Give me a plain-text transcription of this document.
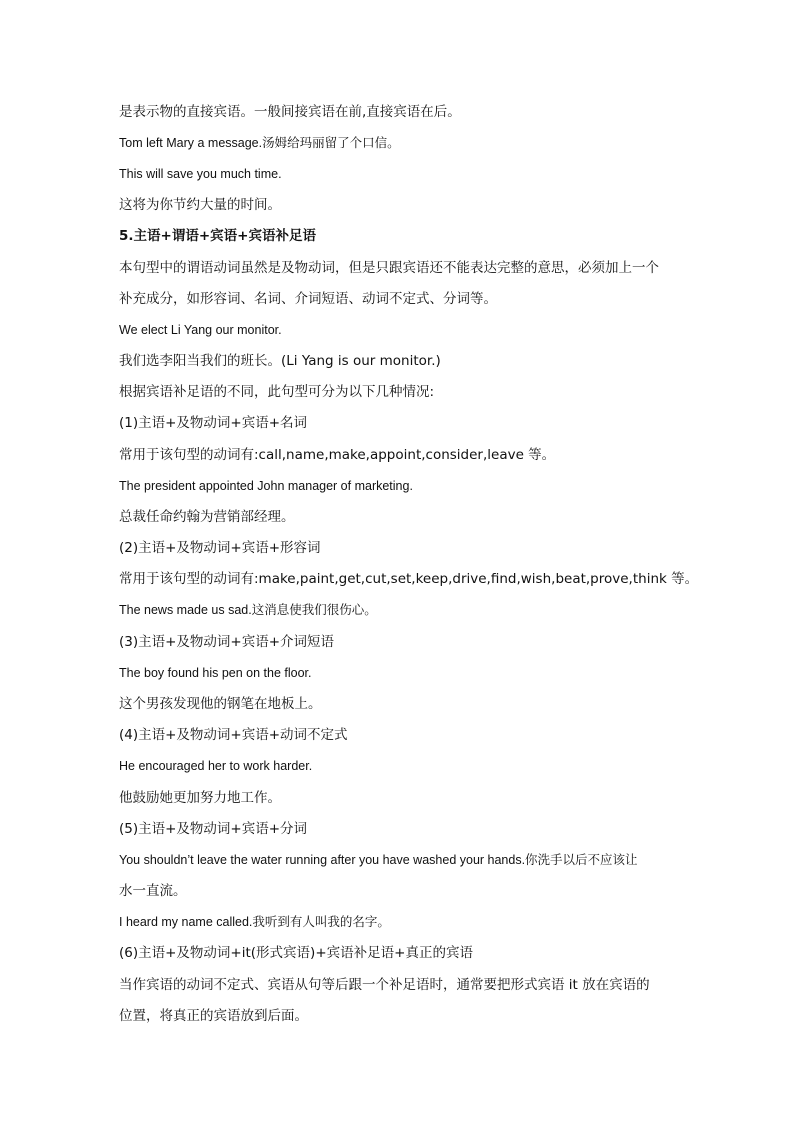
是表示物的直接宾语。一般间接宾语在前,直接宾语在后。
Tom left Mary a message.汤姆给玛丽留了个口信。
This will save you much time.
这将为你节约大量的时间。
5.主语+谓语+宾语+宾语补足语
本句型中的谓语动词虽然是及物动词，但是只跟宾语还不能表达完整的意思，必须加上一个
补充成分，如形容词、名词、介词短语、动词不定式、分词等。
We elect Li Yang our monitor.
我们选李阳当我们的班长。(Li Yang is our monitor.)
根据宾语补足语的不同，此句型可分为以下几种情况:
(1)主语+及物动词+宾语+名词
常用于该句型的动词有:call,name,make,appoint,consider,leave 等。
The president appointed John manager of marketing.
总裁任命约翰为营销部经理。
(2)主语+及物动词+宾语+形容词
常用于该句型的动词有:make,paint,get,cut,set,keep,drive,find,wish,beat,prove,think 等。
The news made us sad.这消息使我们很伤心。
(3)主语+及物动词+宾语+介词短语
The boy found his pen on the floor.
这个男孩发现他的钢笔在地板上。
(4)主语+及物动词+宾语+动词不定式
He encouraged her to work harder.
他鼓励她更加努力地工作。
(5)主语+及物动词+宾语+分词
You shouldn’t leave the water running after you have washed your hands.你洗手以后不应该让
水一直流。
I heard my name called.我听到有人叫我的名字。
(6)主语+及物动词+it(形式宾语)+宾语补足语+真正的宾语
当作宾语的动词不定式、宾语从句等后跟一个补足语时，通常要把形式宾语 it 放在宾语的
位置，将真正的宾语放到后面。
